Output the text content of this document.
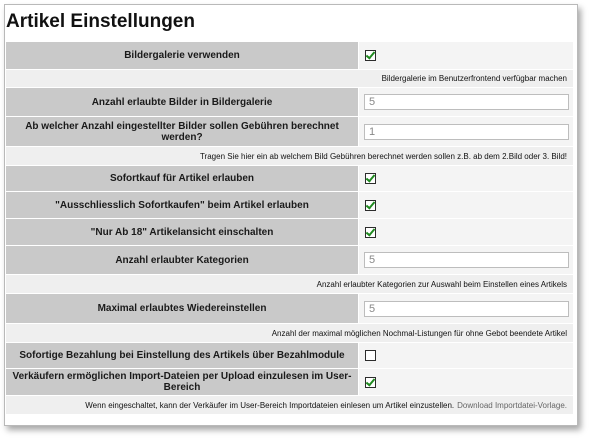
Artikel Einstellungen
Bildergalerie verwenden
Bildergalerie im Benutzerfrontend verfügbar machen
Anzahl erlaubte Bilder in Bildergalerie
5
Ab welcher Anzahl eingestellter Bilder sollen Gebühren berechnet werden?
1
Tragen Sie hier ein ab welchem Bild Gebühren berechnet werden sollen z.B. ab dem 2.Bild oder 3. Bild!
Sofortkauf für Artikel erlauben
"Ausschliesslich Sofortkaufen" beim Artikel erlauben
"Nur Ab 18" Artikelansicht einschalten
Anzahl erlaubter Kategorien
5
Anzahl erlaubter Kategorien zur Auswahl beim Einstellen eines Artikels
Maximal erlaubtes Wiedereinstellen
5
Anzahl der maximal möglichen Nochmal-Listungen für ohne Gebot beendete Artikel
Sofortige Bezahlung bei Einstellung des Artikels über Bezahlmodule
Verkäufern ermöglichen Import-Dateien per Upload einzulesen im User-Bereich
Wenn eingeschaltet, kann der Verkäufer im User-Bereich Importdateien einlesen um Artikel einzustellen. Download Importdatei-Vorlage.
